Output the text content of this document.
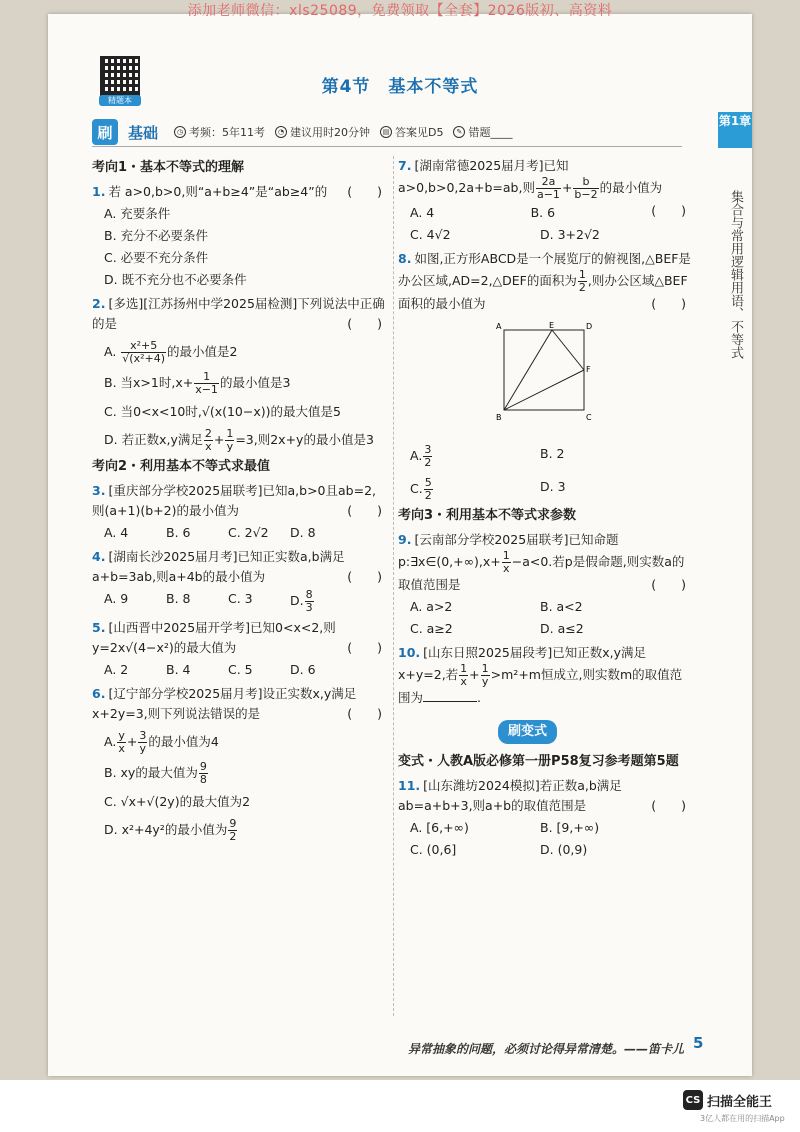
添加老师微信：xls25089，免费领取【全套】2026版初、高资料
精题本
第4节　基本不等式
第1章
集合与常用逻辑用语、不等式
刷	基础	◷ 考频：5年11考	◔ 建议用时20分钟	▤ 答案见D5	✎ 错题____
考向1・基本不等式的理解
1. 若 a>0,b>0,则“a+b≥4”是“ab≥4”的 (　　)
A. 充要条件
B. 充分不必要条件
C. 必要不充分条件
D. 既不充分也不必要条件
2. [多选][江苏扬州中学2025届检测]下列说法中正确的是	(　　)
A. $\frac{\text{x²+5}}{\text{√(x²+4)}}$ 的最小值是2
B. 当x>1时$,x+ \frac{1}{x-1}$ 的最小值是3
C. 当0<x<10时,√(x(10−x))的最大值是5
D. 若正数x,y满足 $\frac{2}{x} + \frac{1}{y} =3$,则2x+y的最小值是3
考向2・利用基本不等式求最值
3. [重庆部分学校2025届联考]已知a,b>0且ab=2,则(a+1)(b+2)的最小值为	(　　)
A. 4	B. 6	C. 2√2	D. 8
4. [湖南长沙2025届月考]已知正实数a,b满足a+b=3ab,则a+4b的最小值为	(　　)
A. 9	B. 8	C. 3	D. $\frac{8}{3}$
5. [山西晋中2025届开学考]已知0<x<2,则y=2x√(4−x²)的最大值为	(　　)
A. 2	B. 4	C. 5	D. 6
6. [辽宁部分学校2025届月考]设正实数x,y满足x+2y=3,则下列说法错误的是	(　　)
A. $\frac{y}{x} + \frac{3}{y}$ 的最小值为4
B. xy的最大值为 $\frac{9}{8}$
C. √x+√(2y)的最大值为2
D. x²+4y²的最小值为 $\frac{9}{2}$
7. [湖南常德2025届月考]已知a>0,b>0,2a+b=ab,则 $\frac{2a}{a-1} + \frac{b}{b-2}$ 的最小值为
(　　)
A. 4	B. 6
C. 4√2	D. 3+2√2
8. 如图,正方形ABCD是一个展览厅的俯视图,△BEF是办公区域,AD=2,△DEF的面积为 $\frac{1}{2}$ ,则办公区域△BEF面积的最小值为	(　　)

A	E	D
F
B	C
A. $\frac{3}{2}$	B. 2
C. $\frac{5}{2}$	D. 3
考向3・利用基本不等式求参数
9. [云南部分学校2025届联考]已知命题p:∃x∈(0,+∞),x+ $\frac{1}{x} -a<0$.若p是假命题,则实数a的取值范围是	(　　)
A. a>2	B. a<2
C. a≥2	D. a≤2
10. [山东日照2025届段考]已知正数x,y满足x+y=2,若 $\frac{1}{x} + \frac{1}{y} >m^2+m$恒成立,则实数m的取值范围为	.
刷变式
变式・人教A版必修第一册P58复习参考题第5题
11. [山东潍坊2024模拟]若正数a,b满足ab=a+b+3,则a+b的取值范围是	(　　)
A. [6,+∞)	B. [9,+∞)
C. (0,6]	D. (0,9)
异常抽象的问题，必须讨论得异常清楚。——笛卡儿 5
CS 扫描全能王
3亿人都在用的扫描App
